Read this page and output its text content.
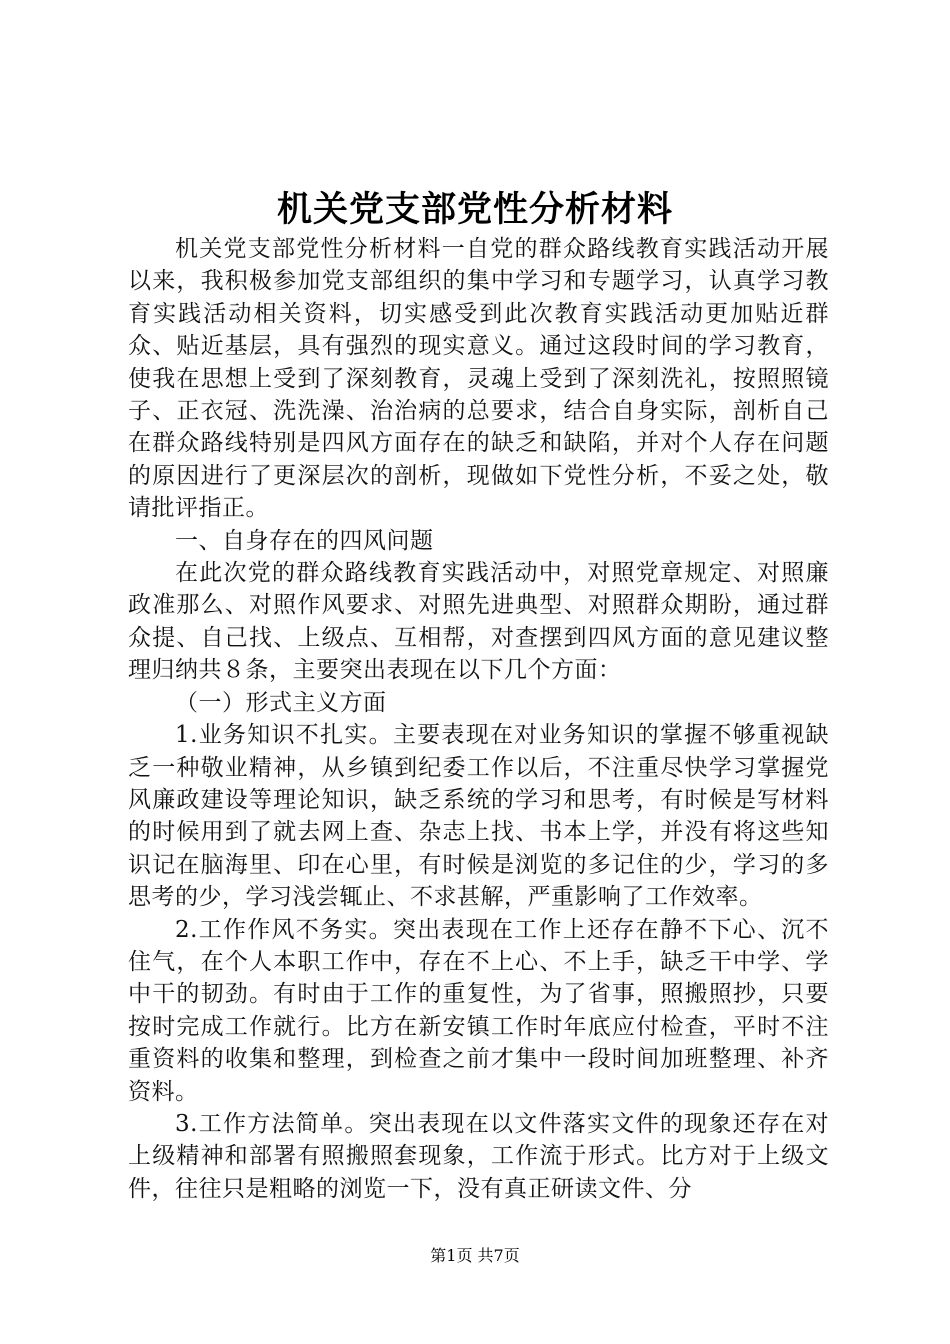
机关党支部党性分析材料

机关党支部党性分析材料一自党的群众路线教育实践活动开展以来，我积极参加党支部组织的集中学习和专题学习，认真学习教育实践活动相关资料，切实感受到此次教育实践活动更加贴近群众、贴近基层，具有强烈的现实意义。通过这段时间的学习教育，使我在思想上受到了深刻教育，灵魂上受到了深刻洗礼，按照照镜子、正衣冠、洗洗澡、治治病的总要求，结合自身实际，剖析自己在群众路线特别是四风方面存在的缺乏和缺陷，并对个人存在问题的原因进行了更深层次的剖析，现做如下党性分析，不妥之处，敬请批评指正。

一、自身存在的四风问题

在此次党的群众路线教育实践活动中，对照党章规定、对照廉政准那么、对照作风要求、对照先进典型、对照群众期盼，通过群众提、自己找、上级点、互相帮，对查摆到四风方面的意见建议整理归纳共８条，主要突出表现在以下几个方面：

（一）形式主义方面

1.业务知识不扎实。主要表现在对业务知识的掌握不够重视缺乏一种敬业精神，从乡镇到纪委工作以后，不注重尽快学习掌握党风廉政建设等理论知识，缺乏系统的学习和思考，有时候是写材料的时候用到了就去网上查、杂志上找、书本上学，并没有将这些知识记在脑海里、印在心里，有时候是浏览的多记住的少，学习的多思考的少，学习浅尝辄止、不求甚解，严重影响了工作效率。

2.工作作风不务实。突出表现在工作上还存在静不下心、沉不住气，在个人本职工作中，存在不上心、不上手，缺乏干中学、学中干的韧劲。有时由于工作的重复性，为了省事，照搬照抄，只要按时完成工作就行。比方在新安镇工作时年底应付检查，平时不注重资料的收集和整理，到检查之前才集中一段时间加班整理、补齐资料。

3.工作方法简单。突出表现在以文件落实文件的现象还存在对上级精神和部署有照搬照套现象，工作流于形式。比方对于上级文件，往往只是粗略的浏览一下，没有真正研读文件、分

第1页 共7页
